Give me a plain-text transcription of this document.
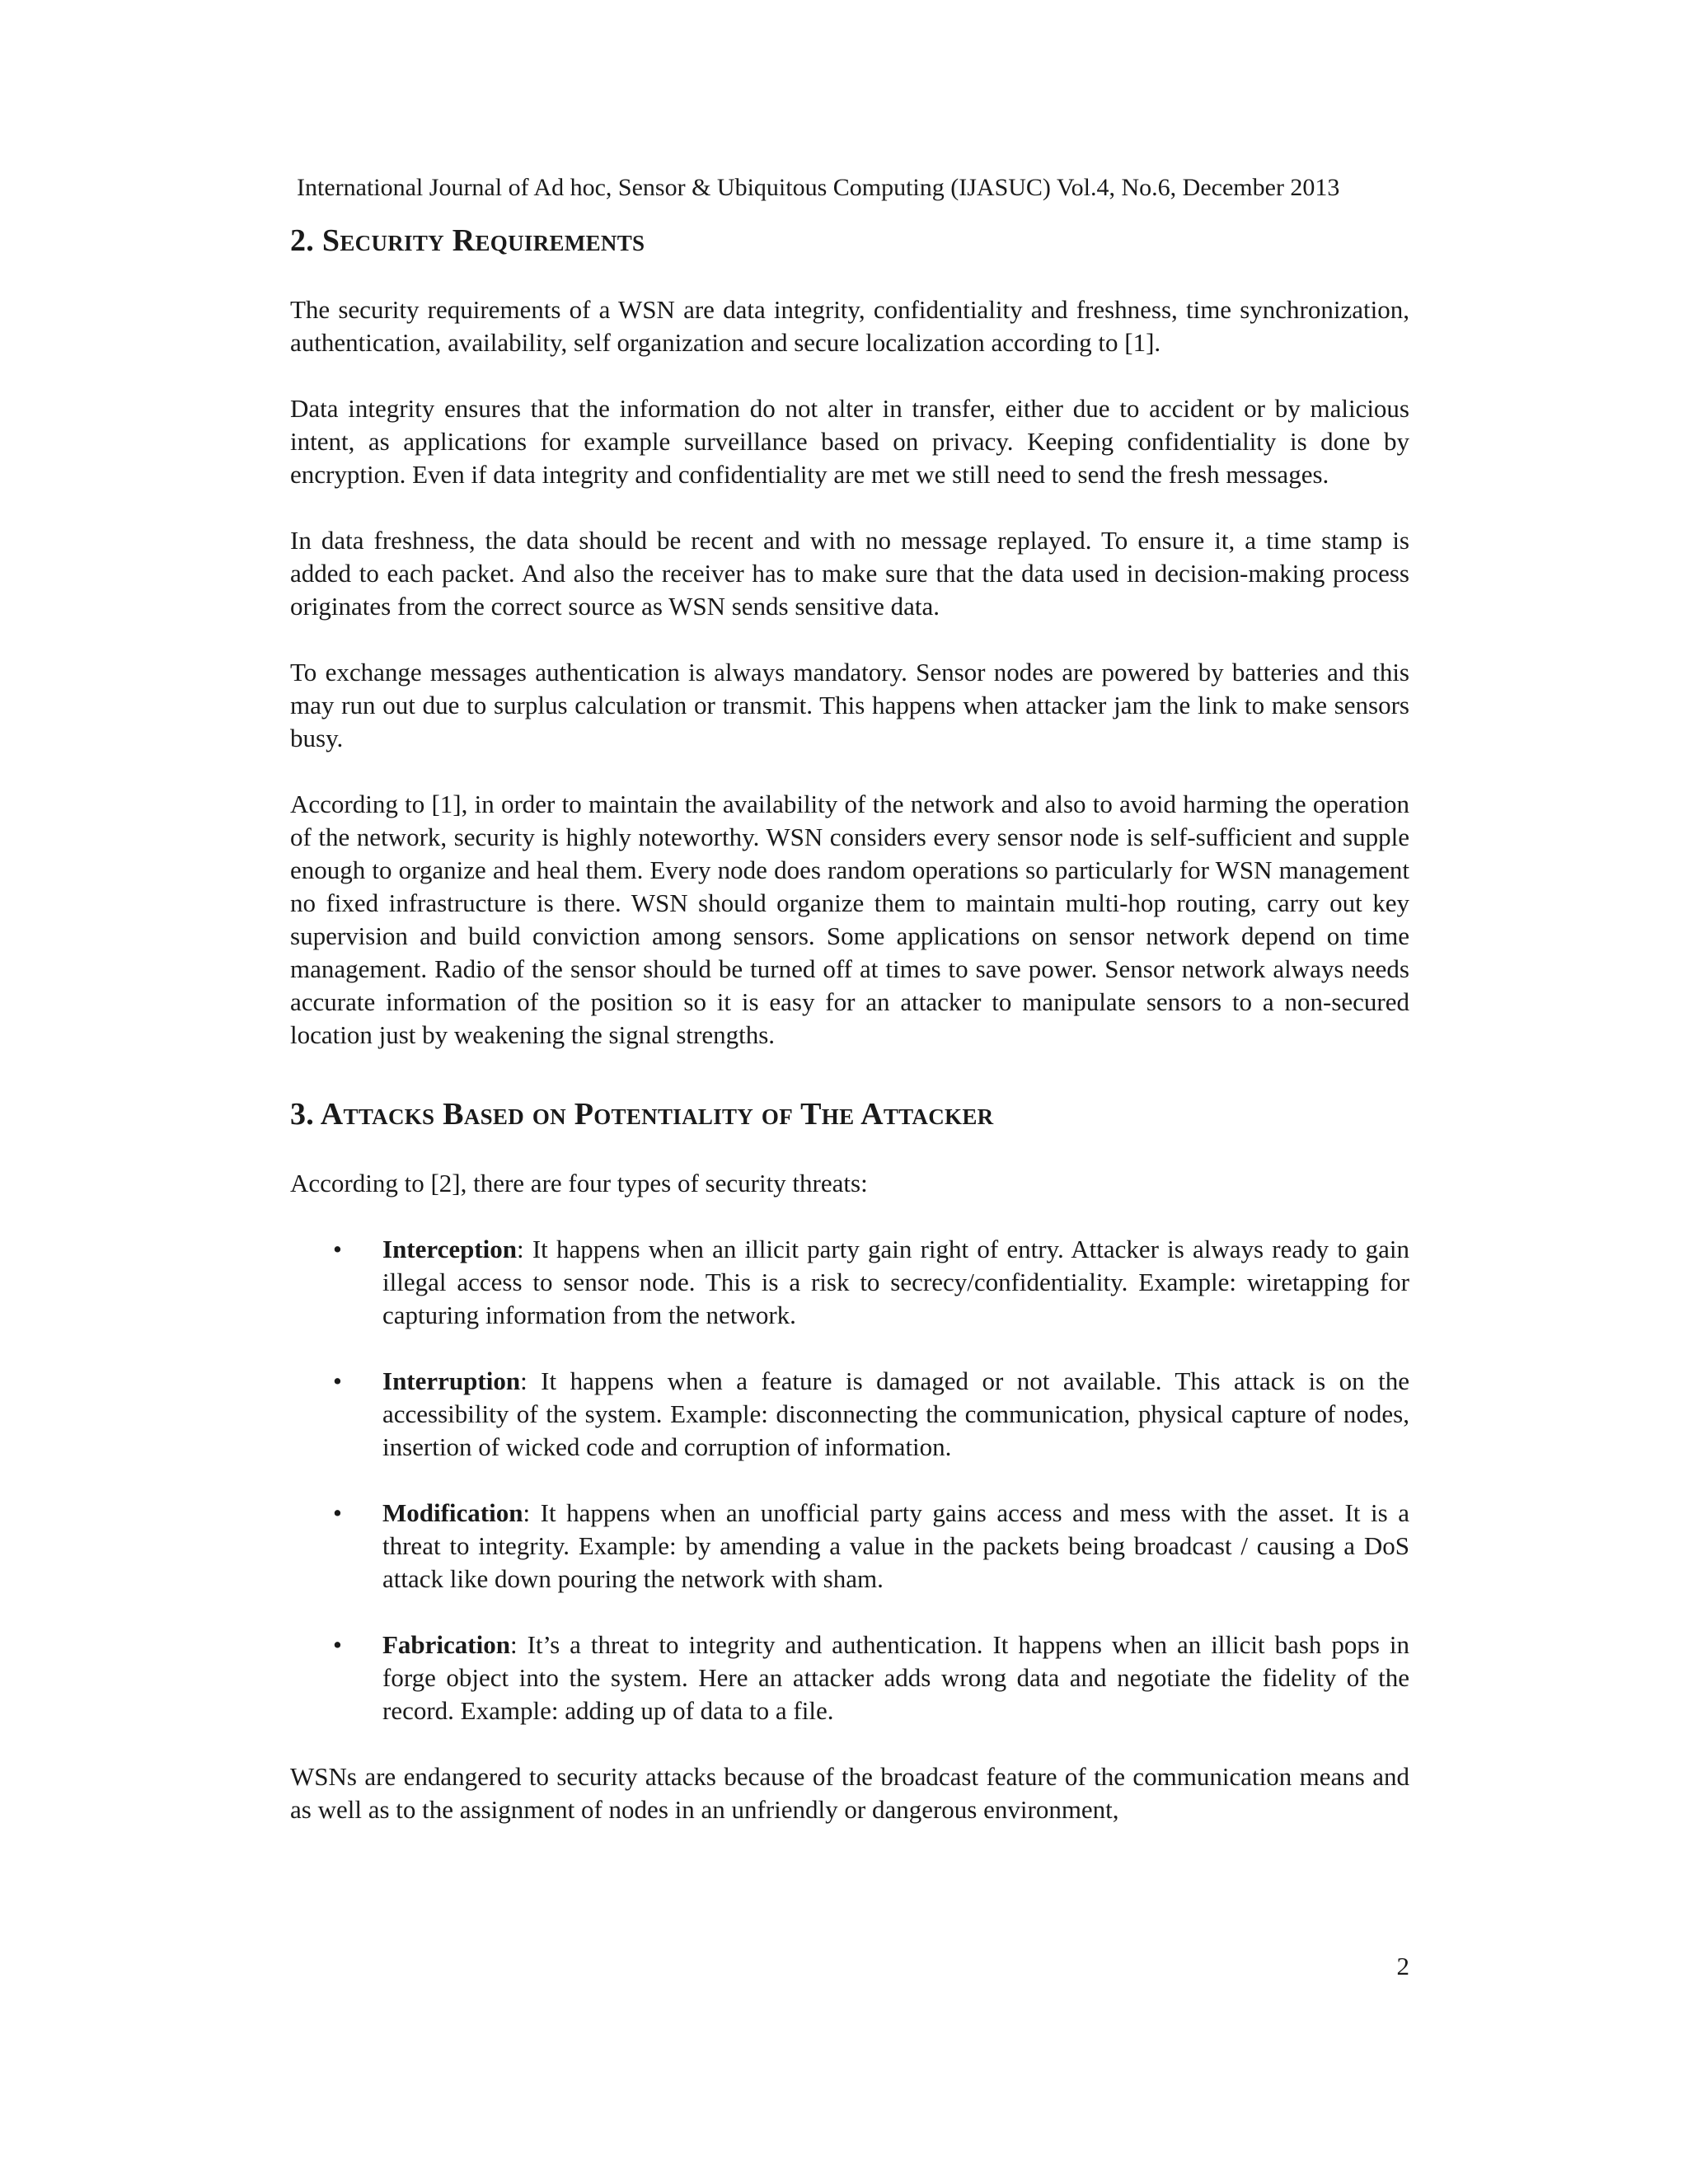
International Journal of Ad hoc, Sensor & Ubiquitous Computing (IJASUC) Vol.4, No.6, December 2013
2. Security Requirements

The security requirements of a WSN are data integrity, confidentiality and freshness, time synchronization, authentication, availability, self organization and secure localization according to [1].

Data integrity ensures that the information do not alter in transfer, either due to accident or by malicious intent, as applications for example surveillance based on privacy. Keeping confidentiality is done by encryption. Even if data integrity and confidentiality are met we still need to send the fresh messages.

In data freshness, the data should be recent and with no message replayed. To ensure it, a time stamp is added to each packet. And also the receiver has to make sure that the data used in decision-making process originates from the correct source as WSN sends sensitive data.

To exchange messages authentication is always mandatory. Sensor nodes are powered by batteries and this may run out due to surplus calculation or transmit. This happens when attacker jam the link to make sensors busy.

According to [1], in order to maintain the availability of the network and also to avoid harming the operation of the network, security is highly noteworthy. WSN considers every sensor node is self-sufficient and supple enough to organize and heal them. Every node does random operations so particularly for WSN management no fixed infrastructure is there. WSN should organize them to maintain multi-hop routing, carry out key supervision and build conviction among sensors. Some applications on sensor network depend on time management. Radio of the sensor should be turned off at times to save power. Sensor network always needs accurate information of the position so it is easy for an attacker to manipulate sensors to a non-secured location just by weakening the signal strengths.

3. Attacks Based on Potentiality of The Attacker

According to [2], there are four types of security threats:

• Interception: It happens when an illicit party gain right of entry. Attacker is always ready to gain illegal access to sensor node. This is a risk to secrecy/confidentiality. Example: wiretapping for capturing information from the network.
• Interruption: It happens when a feature is damaged or not available. This attack is on the accessibility of the system. Example: disconnecting the communication, physical capture of nodes, insertion of wicked code and corruption of information.
• Modification: It happens when an unofficial party gains access and mess with the asset. It is a threat to integrity. Example: by amending a value in the packets being broadcast / causing a DoS attack like down pouring the network with sham.
• Fabrication: It’s a threat to integrity and authentication. It happens when an illicit bash pops in forge object into the system. Here an attacker adds wrong data and negotiate the fidelity of the record. Example: adding up of data to a file.

WSNs are endangered to security attacks because of the broadcast feature of the communication means and as well as to the assignment of nodes in an unfriendly or dangerous environment,

2
